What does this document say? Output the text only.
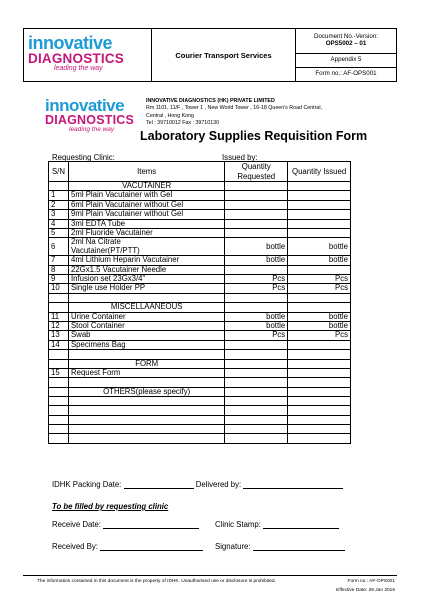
innovative
DIAGNOSTICS
leading the way
Courier Transport Services
Document No.-Version:
OPS5002 – 01
Appendix 5
Form no.: AF-OPS001
innovative
DIAGNOSTICS
leading the way
INNOVATIVE DIAGNOSTICS (HK) PRIVATE LIMITED
Rm 1101, 11/F , Tower 1 , New World Tower , 16-18 Queen's Road Central,
Central , Hong Kong
Tel : 39710012 Fax : 39710130
Laboratory Supplies Requisition Form
Requesting Clinic:	Issued by:
S/N	Items	Quantity Requested	Quantity Issued
	VACUTAINER		
1	5ml Plain Vacutainer with Gel		

2	6ml Plain Vacutainer without Gel		

3	9ml Plain Vacutainer without Gel		

4	3ml EDTA Tube		

5	2ml Fluoride Vacutainer		

6	2ml Na Citrate
Vacutainer(PT/PTT)	bottle	bottle
7	4ml Lithium Heparin Vacutainer	bottle	bottle
8	22Gx1.5 Vacutainer Needle		

9	Infusion set 23Gx3/4"	Pcs	Pcs
10	Single use Holder PP	Pcs	Pcs

	MISCELLAANEOUS		
11	Urine Container	bottle	bottle
12	Stool Container	bottle	bottle
13	Swab	Pcs	Pcs
14	Specimens Bag		

	FORM		
15	Request Form		

	OTHERS(please specify)		

IDHK Packing Date:	Delivered by:
To be filled by requesting clinic
Receive Date:	Clinic Stamp:
Received By:	Signature:
The information contained in this document is the property of IDHK. Unauthorised use or disclosure is prohibited.	Form no.: AF-OPS001
Effective Date: 28 Jan 2016
